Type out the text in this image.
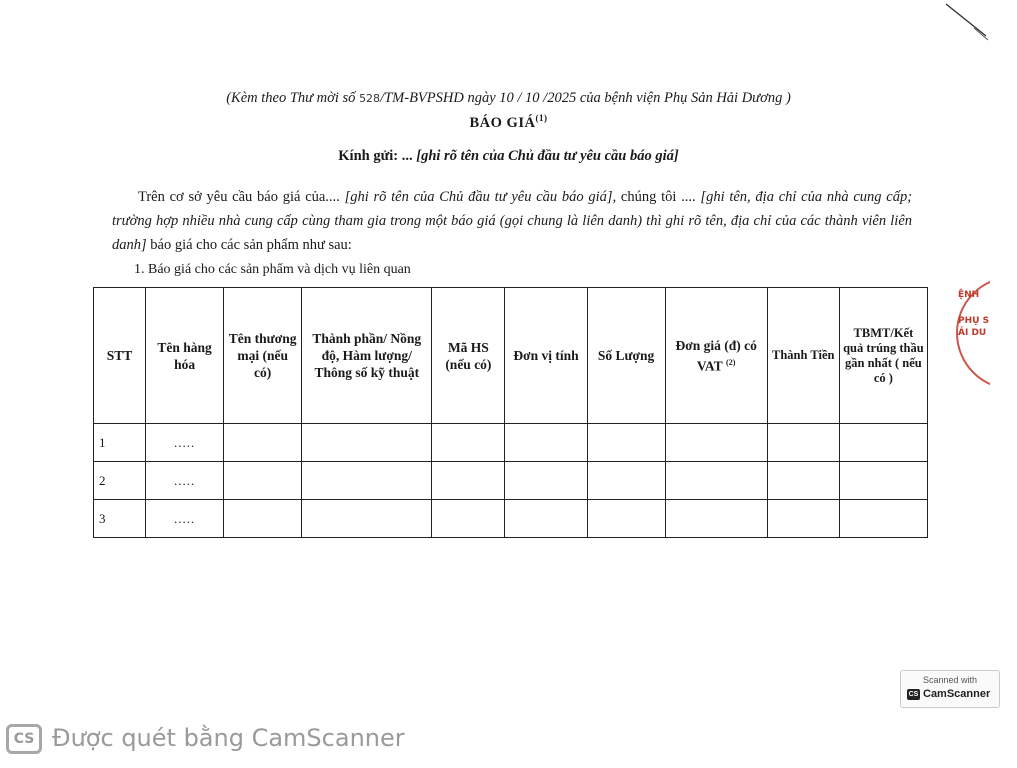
(Kèm theo Thư mời số 528/TM-BVPSHD ngày 10 / 10 /2025 của bệnh viện Phụ Sản Hải Dương )
BÁO GIÁ$^{(1)}$
Kính gửi: ... [ghi rõ tên của Chủ đầu tư yêu cầu báo giá]
Trên cơ sở yêu cầu báo giá của.... [ghi rõ tên của Chủ đầu tư yêu cầu báo giá], chúng tôi .... [ghi tên, địa chỉ của nhà cung cấp; trường hợp nhiều nhà cung cấp cùng tham gia trong một báo giá (gọi chung là liên danh) thì ghi rõ tên, địa chỉ của các thành viên liên danh] báo giá cho các sản phẩm như sau:
1. Báo giá cho các sản phẩm và dịch vụ liên quan
STT	Tên hàng hóa	Tên thương mại (nếu có)	Thành phần/ Nồng độ, Hàm lượng/ Thông số kỹ thuật	Mã HS (nếu có)	Đơn vị tính	Số Lượng	Đơn giá (đ) có VAT $^{(2)}$	Thành Tiền	TBMT/Kết quả trúng thầu gần nhất ( nếu có )
1	.....								
2	.....								
3	.....								
ỆNH
PHỤ S
ẢI DU
Scanned with
CS CamScanner
CS Được quét bằng CamScanner
